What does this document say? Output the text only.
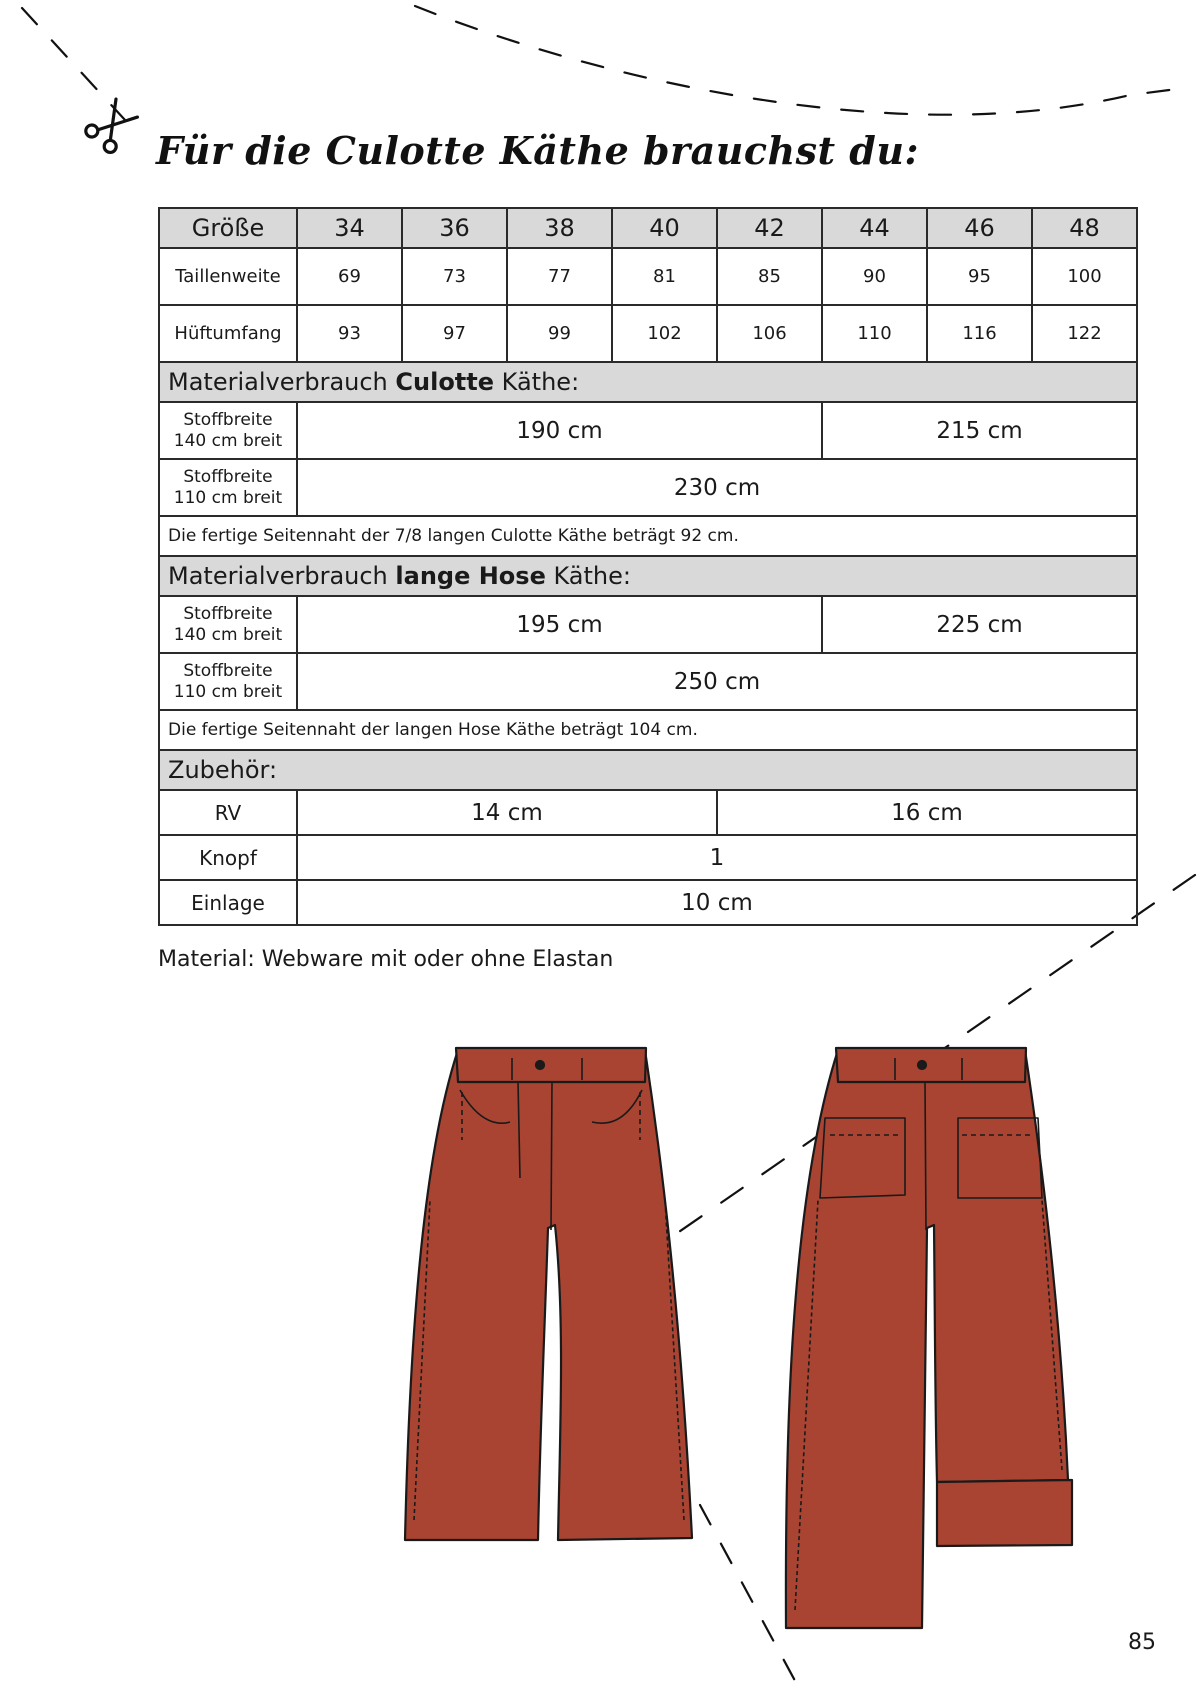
Für die Culotte Käthe brauchst du:
Größe	34	36	38	40	42	44	46	48
Taillenweite	69	73	77	81	85	90	95	100
Hüftumfang	93	97	99	102	106	110	116	122
Materialverbrauch Culotte Käthe:								
Stoffbreite
140 cm breit	190 cm					215 cm		
Stoffbreite
110 cm breit	230 cm							
Die fertige Seitennaht der 7/8 langen Culotte Käthe beträgt 92 cm.								
Materialverbrauch lange Hose Käthe:								
Stoffbreite
140 cm breit	195 cm					225 cm		
Stoffbreite
110 cm breit	250 cm							
Die fertige Seitennaht der langen Hose Käthe beträgt 104 cm.								
Zubehör:								
RV	14 cm				16 cm			
Knopf	1							
Einlage	10 cm							
Material: Webware mit oder ohne Elastan
85
